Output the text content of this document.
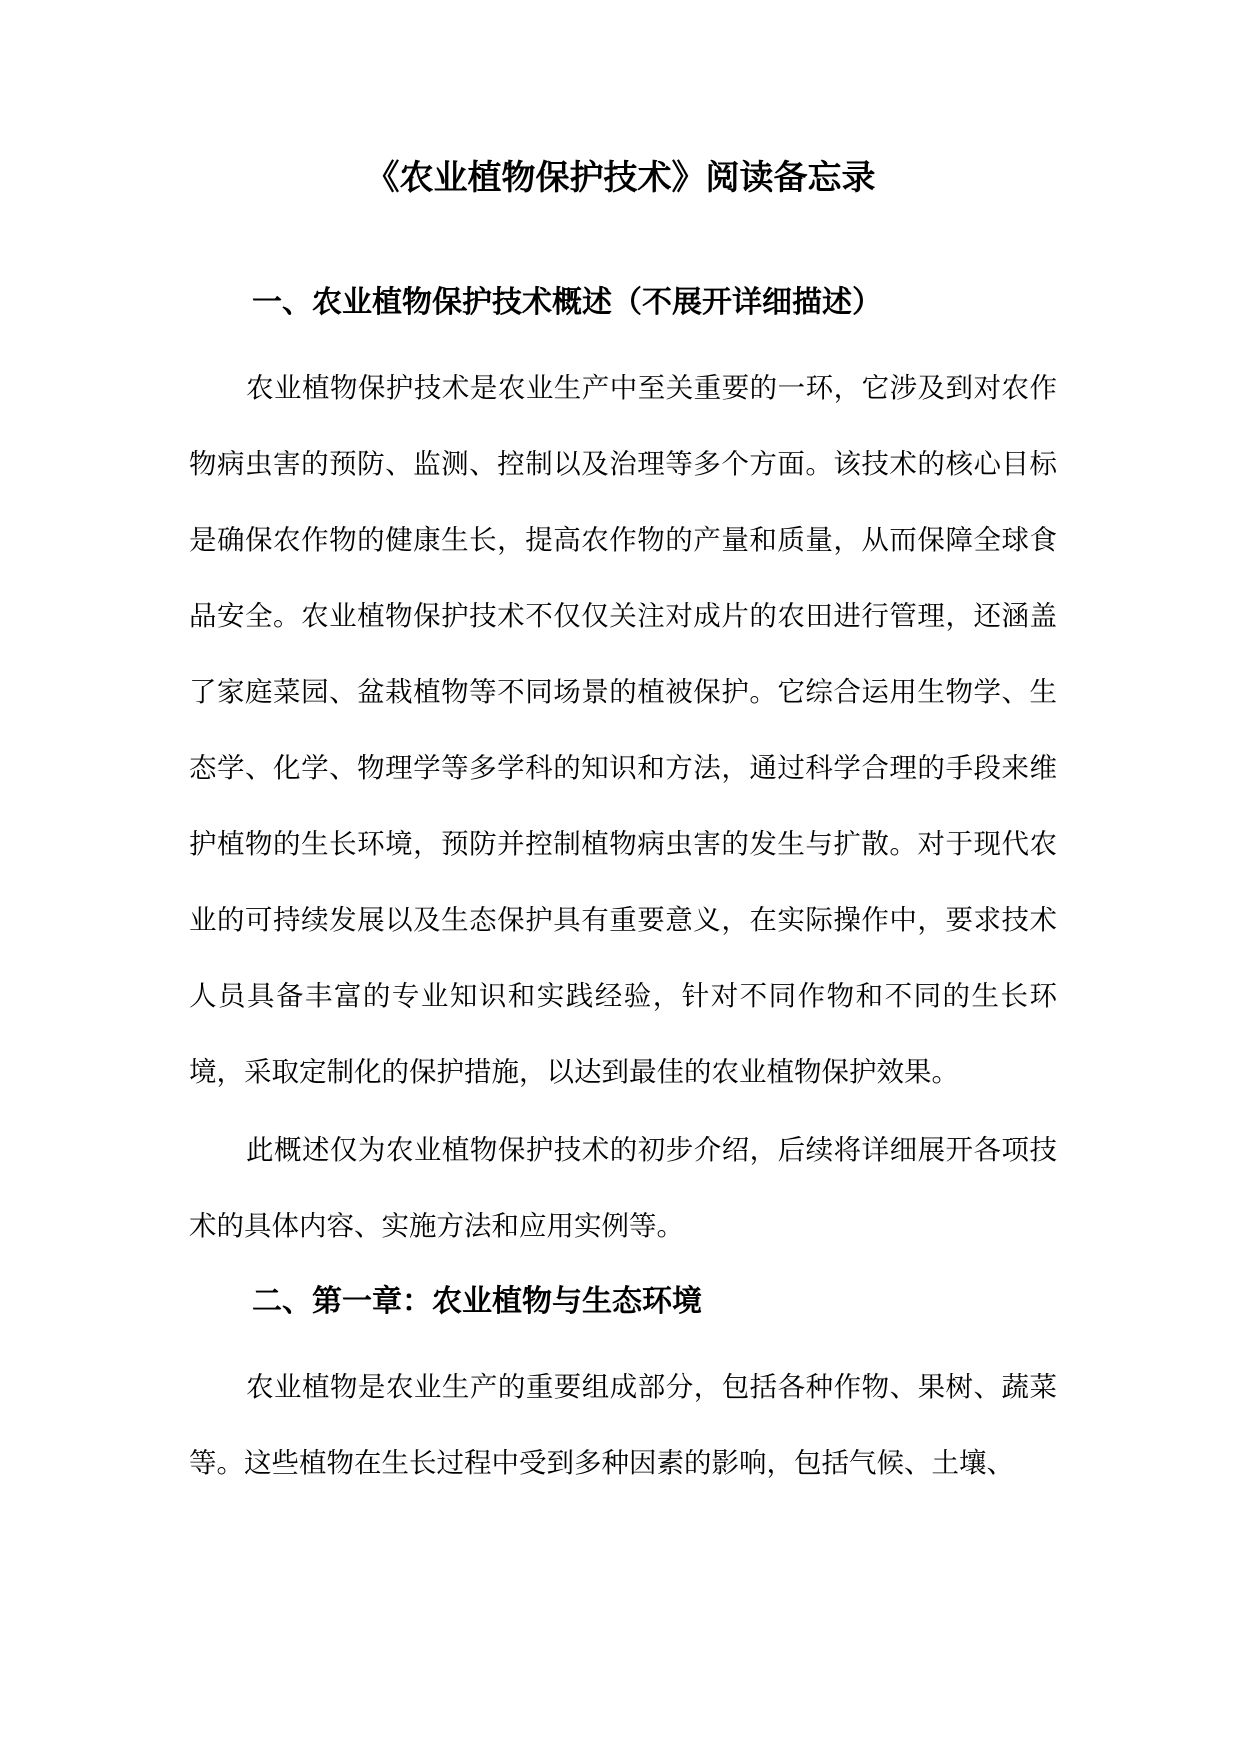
《农业植物保护技术》阅读备忘录
一、农业植物保护技术概述（不展开详细描述）

农业植物保护技术是农业生产中至关重要的一环，它涉及到对农作物病虫害的预防、监测、控制以及治理等多个方面。该技术的核心目标是确保农作物的健康生长，提高农作物的产量和质量，从而保障全球食品安全。农业植物保护技术不仅仅关注对成片的农田进行管理，还涵盖了家庭菜园、盆栽植物等不同场景的植被保护。它综合运用生物学、生态学、化学、物理学等多学科的知识和方法，通过科学合理的手段来维护植物的生长环境，预防并控制植物病虫害的发生与扩散。对于现代农业的可持续发展以及生态保护具有重要意义，在实际操作中，要求技术人员具备丰富的专业知识和实践经验，针对不同作物和不同的生长环境，采取定制化的保护措施，以达到最佳的农业植物保护效果。

此概述仅为农业植物保护技术的初步介绍，后续将详细展开各项技术的具体内容、实施方法和应用实例等。

二、第一章：农业植物与生态环境

农业植物是农业生产的重要组成部分，包括各种作物、果树、蔬菜等。这些植物在生长过程中受到多种因素的影响，包括气候、土壤、
